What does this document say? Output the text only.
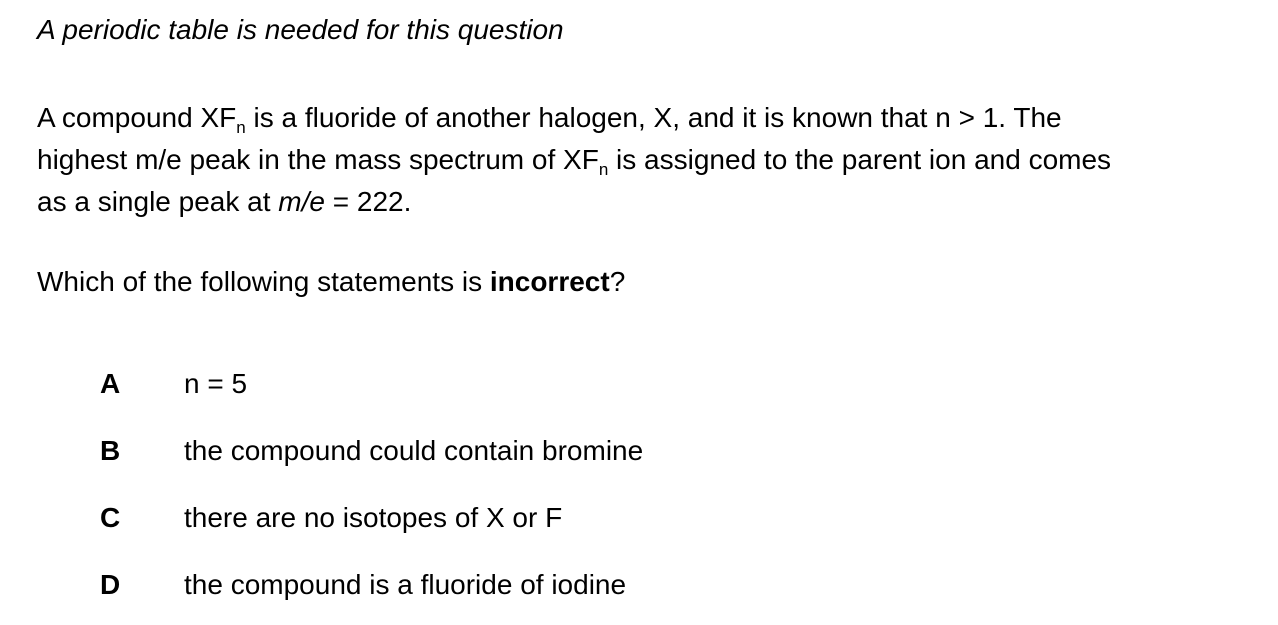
A periodic table is needed for this question
A compound $XF_n$ is a fluoride of another halogen, X, and it is known that n > 1. The
highest m/e peak in the mass spectrum of $XF_n$ is assigned to the parent ion and comes
as a single peak at m/e = 222.
Which of the following statements is incorrect?
A n = 5
B the compound could contain bromine
C there are no isotopes of X or F
D the compound is a fluoride of iodine
